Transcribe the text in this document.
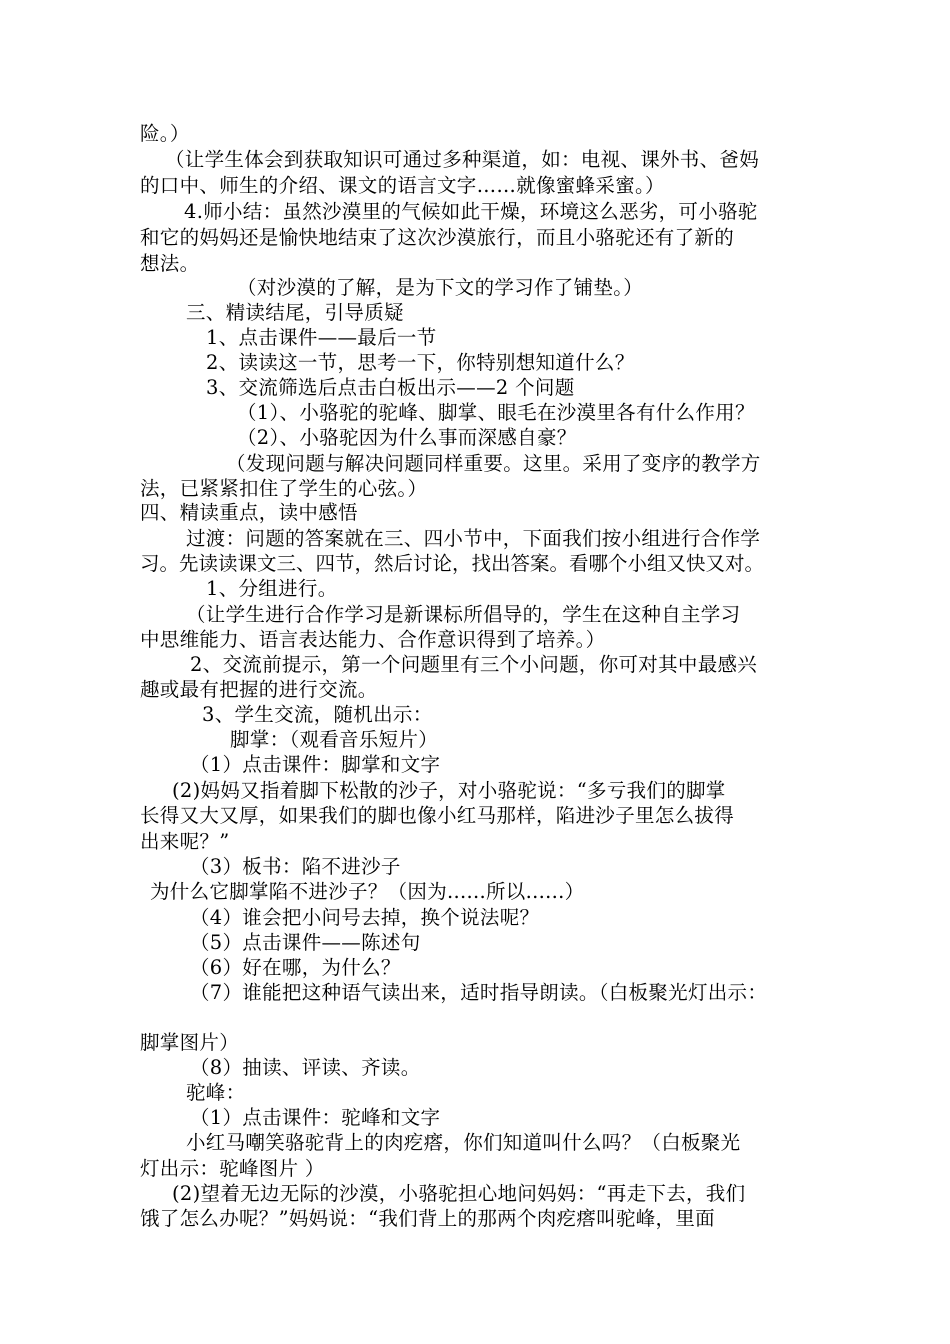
险。）
（让学生体会到获取知识可通过多种渠道，如：电视、课外书、爸妈
的口中、师生的介绍、课文的语言文字……就像蜜蜂采蜜。）
4.师小结：虽然沙漠里的气候如此干燥，环境这么恶劣，可小骆驼
和它的妈妈还是愉快地结束了这次沙漠旅行，而且小骆驼还有了新的
想法。
（对沙漠的了解，是为下文的学习作了铺垫。）
三、精读结尾，引导质疑
1、点击课件——最后一节
2、读读这一节，思考一下，你特别想知道什么？
3、交流筛选后点击白板出示——2 个问题
（1）、小骆驼的驼峰、脚掌、眼毛在沙漠里各有什么作用？
（2）、小骆驼因为什么事而深感自豪？
（发现问题与解决问题同样重要。这里。采用了变序的教学方
法，已紧紧扣住了学生的心弦。）
四、精读重点，读中感悟
过渡：问题的答案就在三、四小节中，下面我们按小组进行合作学
习。先读读课文三、四节，然后讨论，找出答案。看哪个小组又快又对。
1、分组进行。
（让学生进行合作学习是新课标所倡导的，学生在这种自主学习
中思维能力、语言表达能力、合作意识得到了培养。）
2、交流前提示，第一个问题里有三个小问题，你可对其中最感兴
趣或最有把握的进行交流。
3、学生交流，随机出示：
脚掌：（观看音乐短片）
（1）点击课件：脚掌和文字
(2)妈妈又指着脚下松散的沙子，对小骆驼说：“多亏我们的脚掌
长得又大又厚，如果我们的脚也像小红马那样，陷进沙子里怎么拔得
出来呢？”
（3）板书：陷不进沙子
为什么它脚掌陷不进沙子？（因为......所以......）
（4）谁会把小问号去掉，换个说法呢？
（5）点击课件——陈述句
（6）好在哪，为什么？
（7）谁能把这种语气读出来，适时指导朗读。（白板聚光灯出示：
脚掌图片）
（8）抽读、评读、齐读。
驼峰：
（1）点击课件：驼峰和文字
小红马嘲笑骆驼背上的肉疙瘩，你们知道叫什么吗？（白板聚光
灯出示：驼峰图片 ）
(2)望着无边无际的沙漠，小骆驼担心地问妈妈：“再走下去，我们
饿了怎么办呢？”妈妈说：“我们背上的那两个肉疙瘩叫驼峰，里面
